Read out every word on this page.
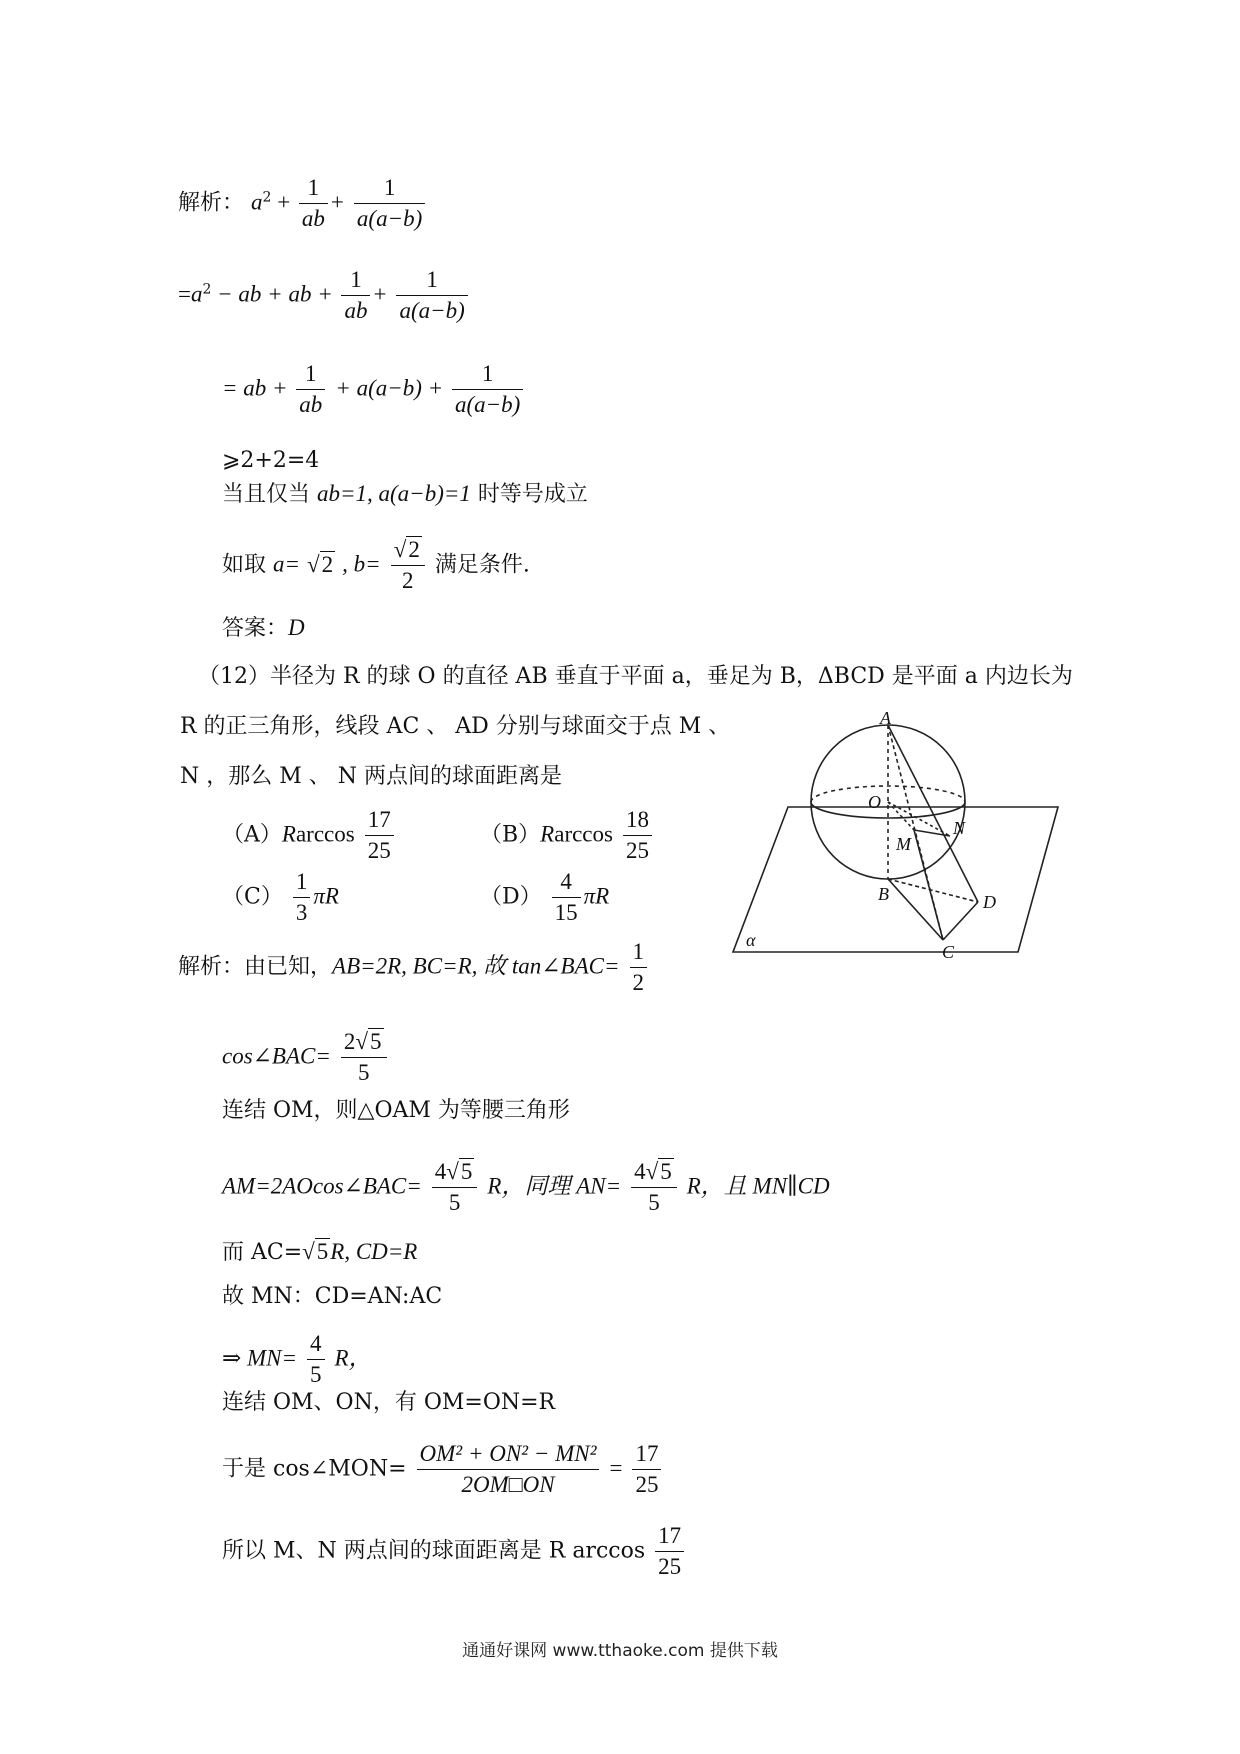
解析： $a^2 + \frac{1}{ab} + \frac{1}{a(a-b)}$
$=a^2$ − ab + ab + $\frac{1}{ab} + \frac{1}{a(a-b)}$
= ab + $\frac{1}{ab} + a(a-b) + \frac{1}{a(a-b)}$
⩾2+2=4
当且仅当 ab=1, a(a−b)=1 时等号成立
如取 a= √2 , $b= \frac{√2}{2}$ 满足条件.
答案：D
（12）半径为 R 的球 O 的直径 AB 垂直于平面 a，垂足为 B，ΔBCD 是平面 a 内边长为
R 的正三角形，线段 AC 、 AD 分别与球面交于点 M 、
N ，那么 M 、 N 两点间的球面距离是
$(A)Rarccos \frac{17}{25}$	$(B)Rarccos \frac{18}{25}$
$(C) \frac{1}{3}$ πR	$(D) \frac{4}{15}$ πR
A
O
M
N
B
C
D
α
解析：由已知，AB=2R, BC=R, 故 tan∠BAC= $\frac{1}{2}$
cos∠BAC= $\frac{2√5}{5}$
连结 OM，则△OAM 为等腰三角形
AM=2AOcos∠BAC= $\frac{4√5}{5}$ R，同理 $AN= \frac{4√5}{5}$ R，且 MN∥CD
而 AC=√5R, CD=R
故 MN：CD=AN:AC
⇒ $MN= \frac{4}{5}$ R，
连结 OM、ON，有 OM=ON=R
于是 cos∠MON= $\frac{\text{OM² + ON² − MN²}}{2OM□ON} = \frac{17}{25}$
所以 M、N 两点间的球面距离是 R $\arccos \frac{17}{25}$
通通好课网 www.tthaoke.com 提供下载
